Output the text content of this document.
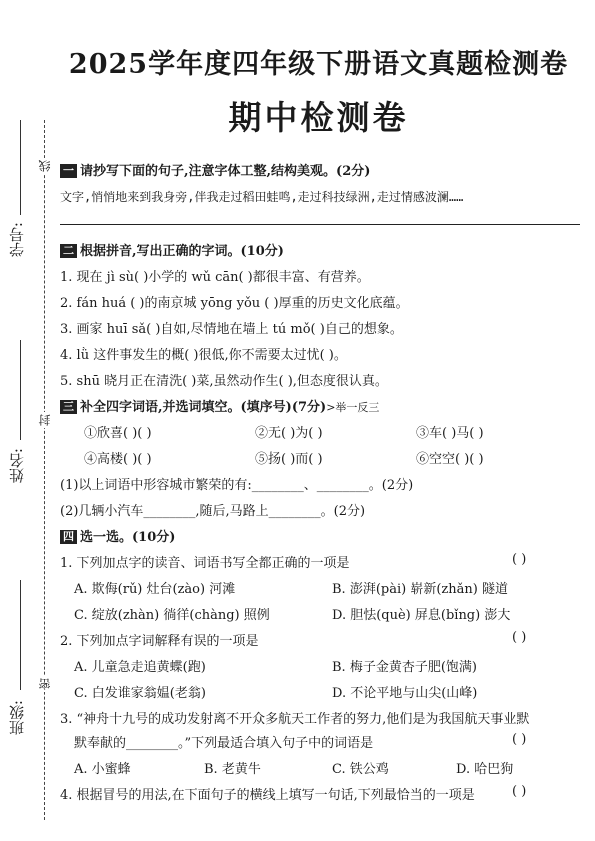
线
封
密
学号:
姓名:
班级:
2025学年度四年级下册语文真题检测卷
期中检测卷
一 请抄写下面的句子,注意字体工整,结构美观。(2分)
文字,悄悄地来到我身旁,伴我走过稻田蛙鸣,走过科技绿洲,走过情感波澜……
二 根据拼音,写出正确的字词。(10分)
1. 现在 jì sù( )小学的 wǔ cān( )都很丰富、有营养。
2. fán huá ( )的南京城 yōng yǒu ( )厚重的历史文化底蕴。
3. 画家 huī sǎ( )自如,尽情地在墙上 tú mǒ( )自己的想象。
4. lǜ 这件事发生的概( )很低,你不需要太过忧( )。
5. shū 晓月正在清洗( )菜,虽然动作生( ),但态度很认真。
三 补全四字词语,并选词填空。(填序号)(7分)>举一反三
①欣喜( )( )	②无( )为( )	③车( )马( )
④高楼( )( )	⑤扬( )而( )	⑥空空( )( )
(1)以上词语中形容城市繁荣的有:________、________。(2分)
(2)几辆小汽车________,随后,马路上________。(2分)
四 选一选。(10分)
1. 下列加点字的读音、词语书写全都正确的一项是	( )
A. 欺侮(rǔ) 灶台(zào) 河滩	B. 澎湃(pài) 崭新(zhǎn) 隧道
C. 绽放(zhàn) 徜徉(chàng) 照例	D. 胆怯(què) 屏息(bǐng) 澎大
2. 下列加点字词解释有误的一项是	( )
A. 儿童急走追黄蝶(跑)	B. 梅子金黄杏子肥(饱满)
C. 白发谁家翁媪(老翁)	D. 不论平地与山尖(山峰)
3. “神舟十九号的成功发射离不开众多航天工作者的努力,他们是为我国航天事业默
默奉献的________。”下列最适合填入句子中的词语是	( )
A. 小蜜蜂	B. 老黄牛	C. 铁公鸡	D. 哈巴狗
4. 根据冒号的用法,在下面句子的横线上填写一句话,下列最恰当的一项是	( )
